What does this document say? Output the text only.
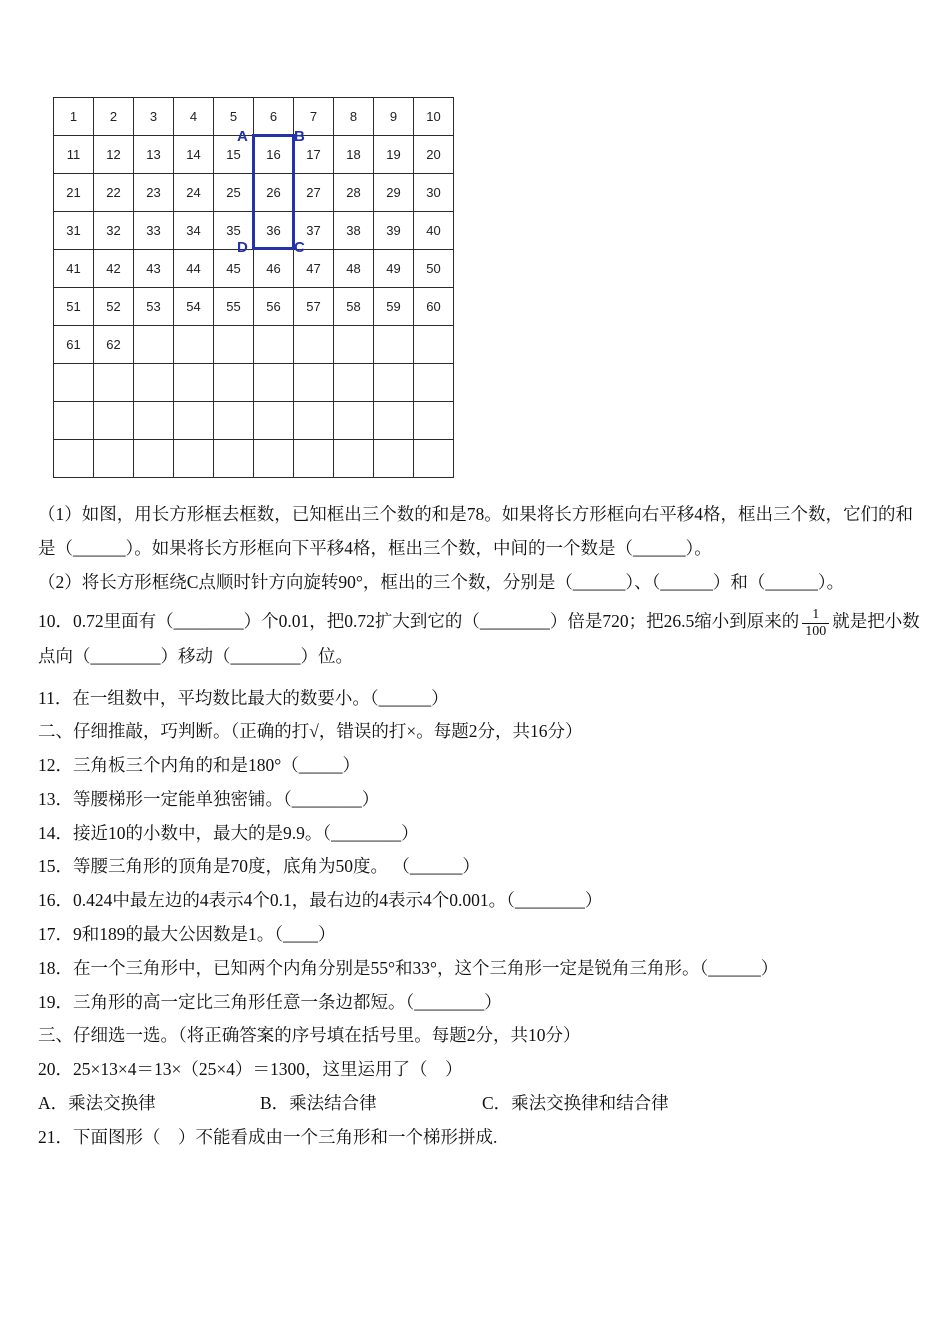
1	2	3	4	5	6	7	8	9	10
11	12	13	14	15	16	17	18	19	20
21	22	23	24	25	26	27	28	29	30
31	32	33	34	35	36	37	38	39	40
41	42	43	44	45	46	47	48	49	50
51	52	53	54	55	56	57	58	59	60
61	62								

A	B
C
D

（1）如图，用长方形框去框数，已知框出三个数的和是78。如果将长方形框向右平移4格，框出三个数，它们的和是（______）。如果将长方形框向下平移4格，框出三个数，中间的一个数是（______）。

（2）将长方形框绕C点顺时针方向旋转90°，框出的三个数，分别是（______）、（______）和（______）。

10．0.72里面有（________）个0.01，把0.72扩大到它的（________）倍是720；把26.5缩小到原来的 $\frac{1}{100}$ 就是把小数点向（________）移动（________）位。

11．在一组数中，平均数比最大的数要小。（______）

二、仔细推敲，巧判断。（正确的打√，错误的打×。每题2分，共16分）

12．三角板三个内角的和是180°（_____）

13．等腰梯形一定能单独密铺。（________）

14．接近10的小数中，最大的是9.9。（________）

15．等腰三角形的顶角是70度，底角为50度。 （______）

16．0.424中最左边的4表示4个0.1，最右边的4表示4个0.001。（________）

17．9和189的最大公因数是1。（____）

18．在一个三角形中，已知两个内角分别是55°和33°，这个三角形一定是锐角三角形。（______）

19．三角形的高一定比三角形任意一条边都短。（________）

三、仔细选一选。（将正确答案的序号填在括号里。每题2分，共10分）

20．25×13×4＝13×（25×4）＝1300，这里运用了（　）

A．乘法交换律	B．乘法结合律	C．乘法交换律和结合律

21．下面图形（　）不能看成由一个三角形和一个梯形拼成.
